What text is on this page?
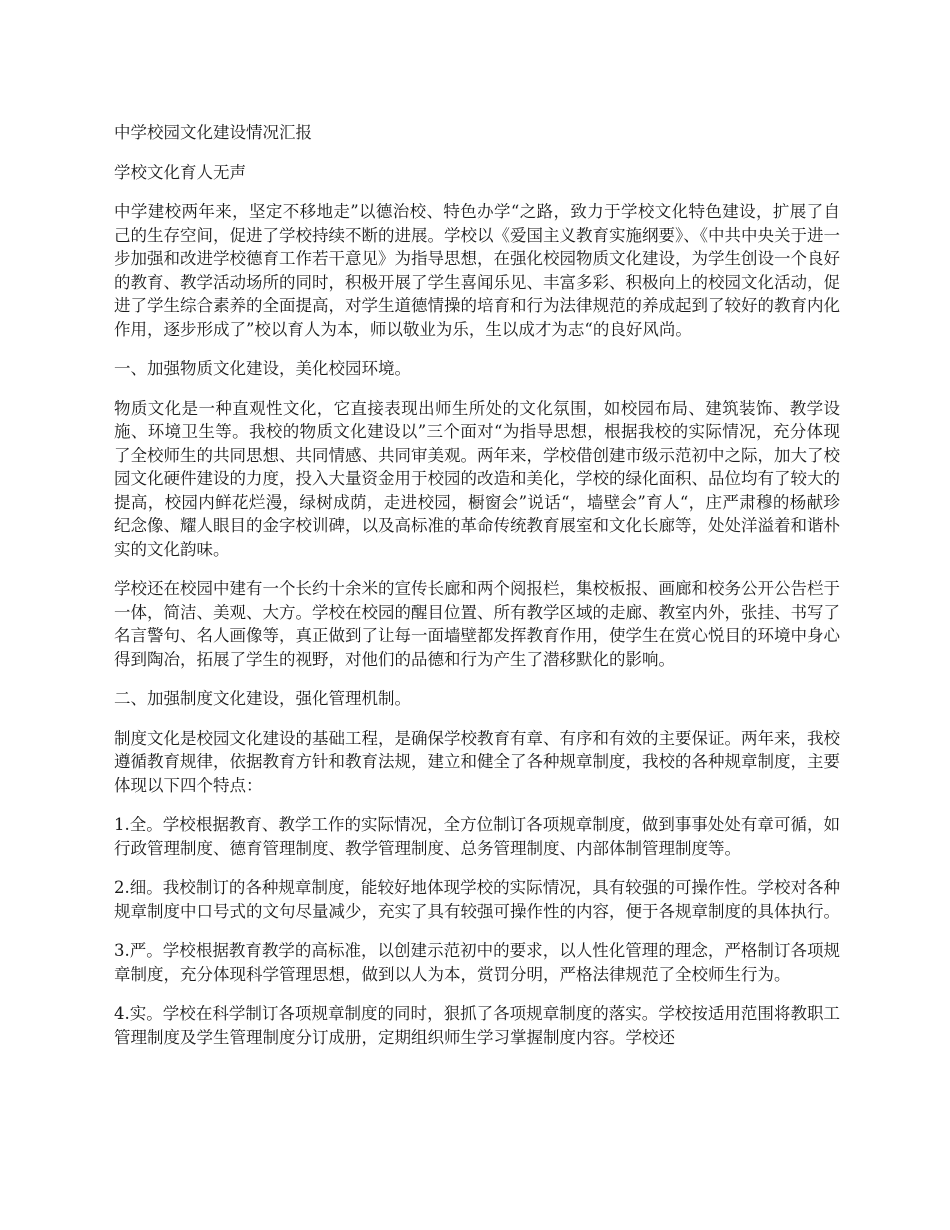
中学校园文化建设情况汇报

学校文化育人无声

中学建校两年来，坚定不移地走”以德治校、特色办学“之路，致力于学校文化特色建设，扩展了自己的生存空间，促进了学校持续不断的进展。学校以《爱国主义教育实施纲要》、《中共中央关于进一步加强和改进学校德育工作若干意见》为指导思想，在强化校园物质文化建设，为学生创设一个良好的教育、教学活动场所的同时，积极开展了学生喜闻乐见、丰富多彩、积极向上的校园文化活动，促进了学生综合素养的全面提高，对学生道德情操的培育和行为法律规范的养成起到了较好的教育内化作用，逐步形成了”校以育人为本，师以敬业为乐，生以成才为志“的良好风尚。

一、加强物质文化建设，美化校园环境。

物质文化是一种直观性文化，它直接表现出师生所处的文化氛围，如校园布局、建筑装饰、教学设施、环境卫生等。我校的物质文化建设以”三个面对“为指导思想，根据我校的实际情况，充分体现了全校师生的共同思想、共同情感、共同审美观。两年来，学校借创建市级示范初中之际，加大了校园文化硬件建设的力度，投入大量资金用于校园的改造和美化，学校的绿化面积、品位均有了较大的提高，校园内鲜花烂漫，绿树成荫，走进校园，橱窗会”说话“，墙壁会”育人“，庄严肃穆的杨献珍纪念像、耀人眼目的金字校训碑，以及高标准的革命传统教育展室和文化长廊等，处处洋溢着和谐朴实的文化韵味。

学校还在校园中建有一个长约十余米的宣传长廊和两个阅报栏，集校板报、画廊和校务公开公告栏于一体，简洁、美观、大方。学校在校园的醒目位置、所有教学区域的走廊、教室内外，张挂、书写了名言警句、名人画像等，真正做到了让每一面墙壁都发挥教育作用，使学生在赏心悦目的环境中身心得到陶冶，拓展了学生的视野，对他们的品德和行为产生了潜移默化的影响。

二、加强制度文化建设，强化管理机制。

制度文化是校园文化建设的基础工程，是确保学校教育有章、有序和有效的主要保证。两年来，我校遵循教育规律，依据教育方针和教育法规，建立和健全了各种规章制度，我校的各种规章制度，主要体现以下四个特点：

1.全。学校根据教育、教学工作的实际情况，全方位制订各项规章制度，做到事事处处有章可循，如行政管理制度、德育管理制度、教学管理制度、总务管理制度、内部体制管理制度等。

2.细。我校制订的各种规章制度，能较好地体现学校的实际情况，具有较强的可操作性。学校对各种规章制度中口号式的文句尽量减少，充实了具有较强可操作性的内容，便于各规章制度的具体执行。

3.严。学校根据教育教学的高标准，以创建示范初中的要求，以人性化管理的理念，严格制订各项规章制度，充分体现科学管理思想，做到以人为本，赏罚分明，严格法律规范了全校师生行为。

4.实。学校在科学制订各项规章制度的同时，狠抓了各项规章制度的落实。学校按适用范围将教职工管理制度及学生管理制度分订成册，定期组织师生学习掌握制度内容。学校还
